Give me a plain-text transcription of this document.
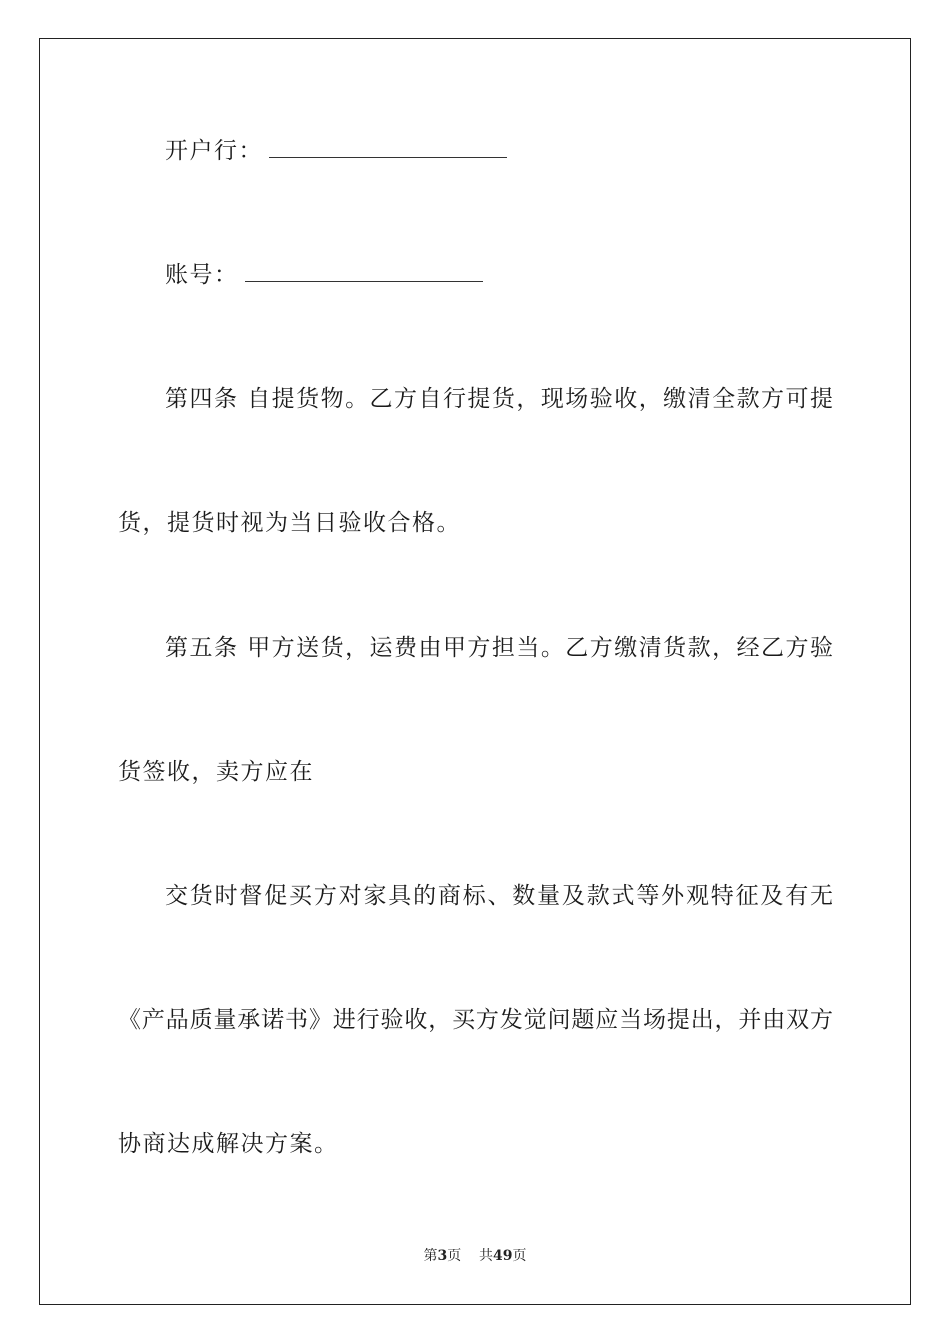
开户行：
账号：
第四条 自提货物。乙方自行提货，现场验收，缴清全款方可提
货，提货时视为当日验收合格。
第五条 甲方送货，运费由甲方担当。乙方缴清货款，经乙方验
货签收，卖方应在
交货时督促买方对家具的商标、数量及款式等外观特征及有无
《产品质量承诺书》进行验收，买方发觉问题应当场提出，并由双方
协商达成解决方案。
第3页 共49页
